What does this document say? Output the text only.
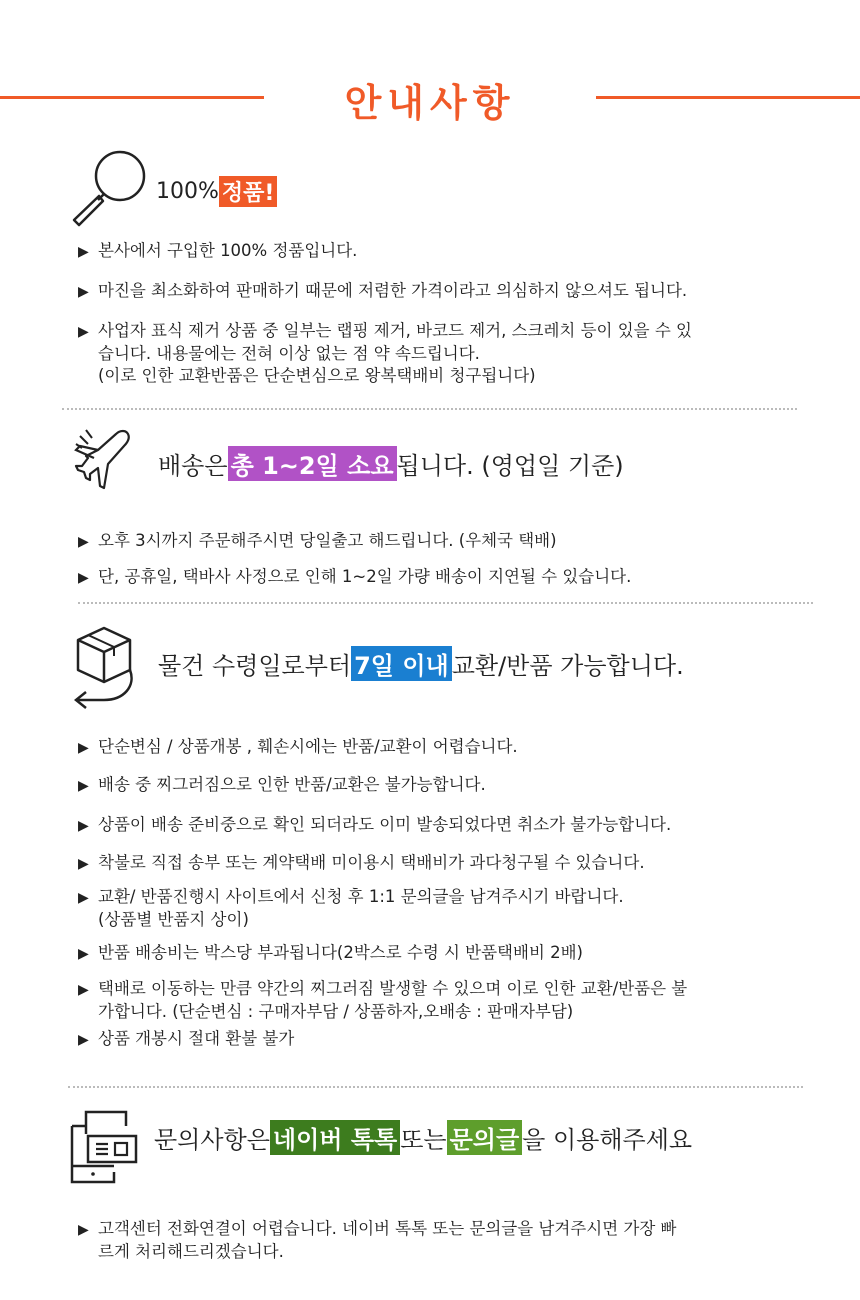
안내사항
100% 정품!
▶ 본사에서 구입한 100% 정품입니다.
▶ 마진을 최소화하여 판매하기 때문에 저렴한 가격이라고 의심하지 않으셔도 됩니다.
▶ 사업자 표식 제거 상품 중 일부는 랩핑 제거, 바코드 제거, 스크레치 등이 있을 수 있
습니다. 내용물에는 전혀 이상 없는 점 약 속드립니다.
(이로 인한 교환반품은 단순변심으로 왕복택배비 청구됩니다)
배송은 총 1~2일 소요 됩니다. (영업일 기준)
▶ 오후 3시까지 주문해주시면 당일출고 해드립니다. (우체국 택배)
▶ 단, 공휴일, 택바사 사정으로 인해 1~2일 가량 배송이 지연될 수 있습니다.
물건 수령일로부터 7일 이내 교환/반품 가능합니다.
▶ 단순변심 / 상품개봉 , 훼손시에는 반품/교환이 어렵습니다.
▶ 배송 중 찌그러짐으로 인한 반품/교환은 불가능합니다.
▶ 상품이 배송 준비중으로 확인 되더라도 이미 발송되었다면 취소가 불가능합니다.
▶ 착불로 직접 송부 또는 계약택배 미이용시 택배비가 과다청구될 수 있습니다.
▶ 교환/ 반품진행시 사이트에서 신청 후 1:1 문의글을 남겨주시기 바랍니다.
(상품별 반품지 상이)
▶ 반품 배송비는 박스당 부과됩니다(2박스로 수령 시 반품택배비 2배)
▶ 택배로 이동하는 만큼 약간의 찌그러짐 발생할 수 있으며 이로 인한 교환/반품은 불
가합니다. (단순변심 : 구매자부담 / 상품하자,오배송 : 판매자부담)
▶ 상품 개봉시 절대 환불 불가
문의사항은 네이버 톡톡 또는 문의글 을 이용해주세요
▶ 고객센터 전화연결이 어렵습니다. 네이버 톡톡 또는 문의글을 남겨주시면 가장 빠
르게 처리해드리겠습니다.
